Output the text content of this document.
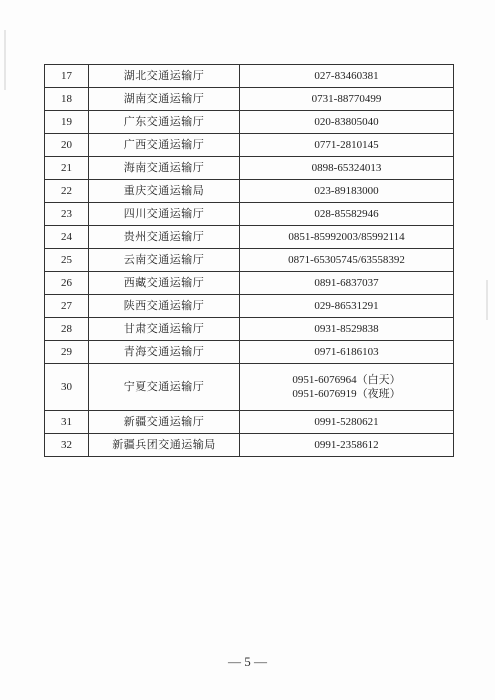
17	湖北交通运输厅	027-83460381

18	湖南交通运输厅	0731-88770499

19	广东交通运输厅	020-83805040

20	广西交通运输厅	0771-2810145

21	海南交通运输厅	0898-65324013

22	重庆交通运输局	023-89183000

23	四川交通运输厅	028-85582946

24	贵州交通运输厅	0851-85992003/85992114

25	云南交通运输厅	0871-65305745/63558392

26	西藏交通运输厅	0891-6837037

27	陕西交通运输厅	029-86531291

28	甘肃交通运输厅	0931-8529838

29	青海交通运输厅	0971-6186103

30	宁夏交通运输厅	0951-6076964（白天）
0951-6076919（夜班）

31	新疆交通运输厅	0991-5280621

32	新疆兵团交通运输局	0991-2358612
— 5 —
